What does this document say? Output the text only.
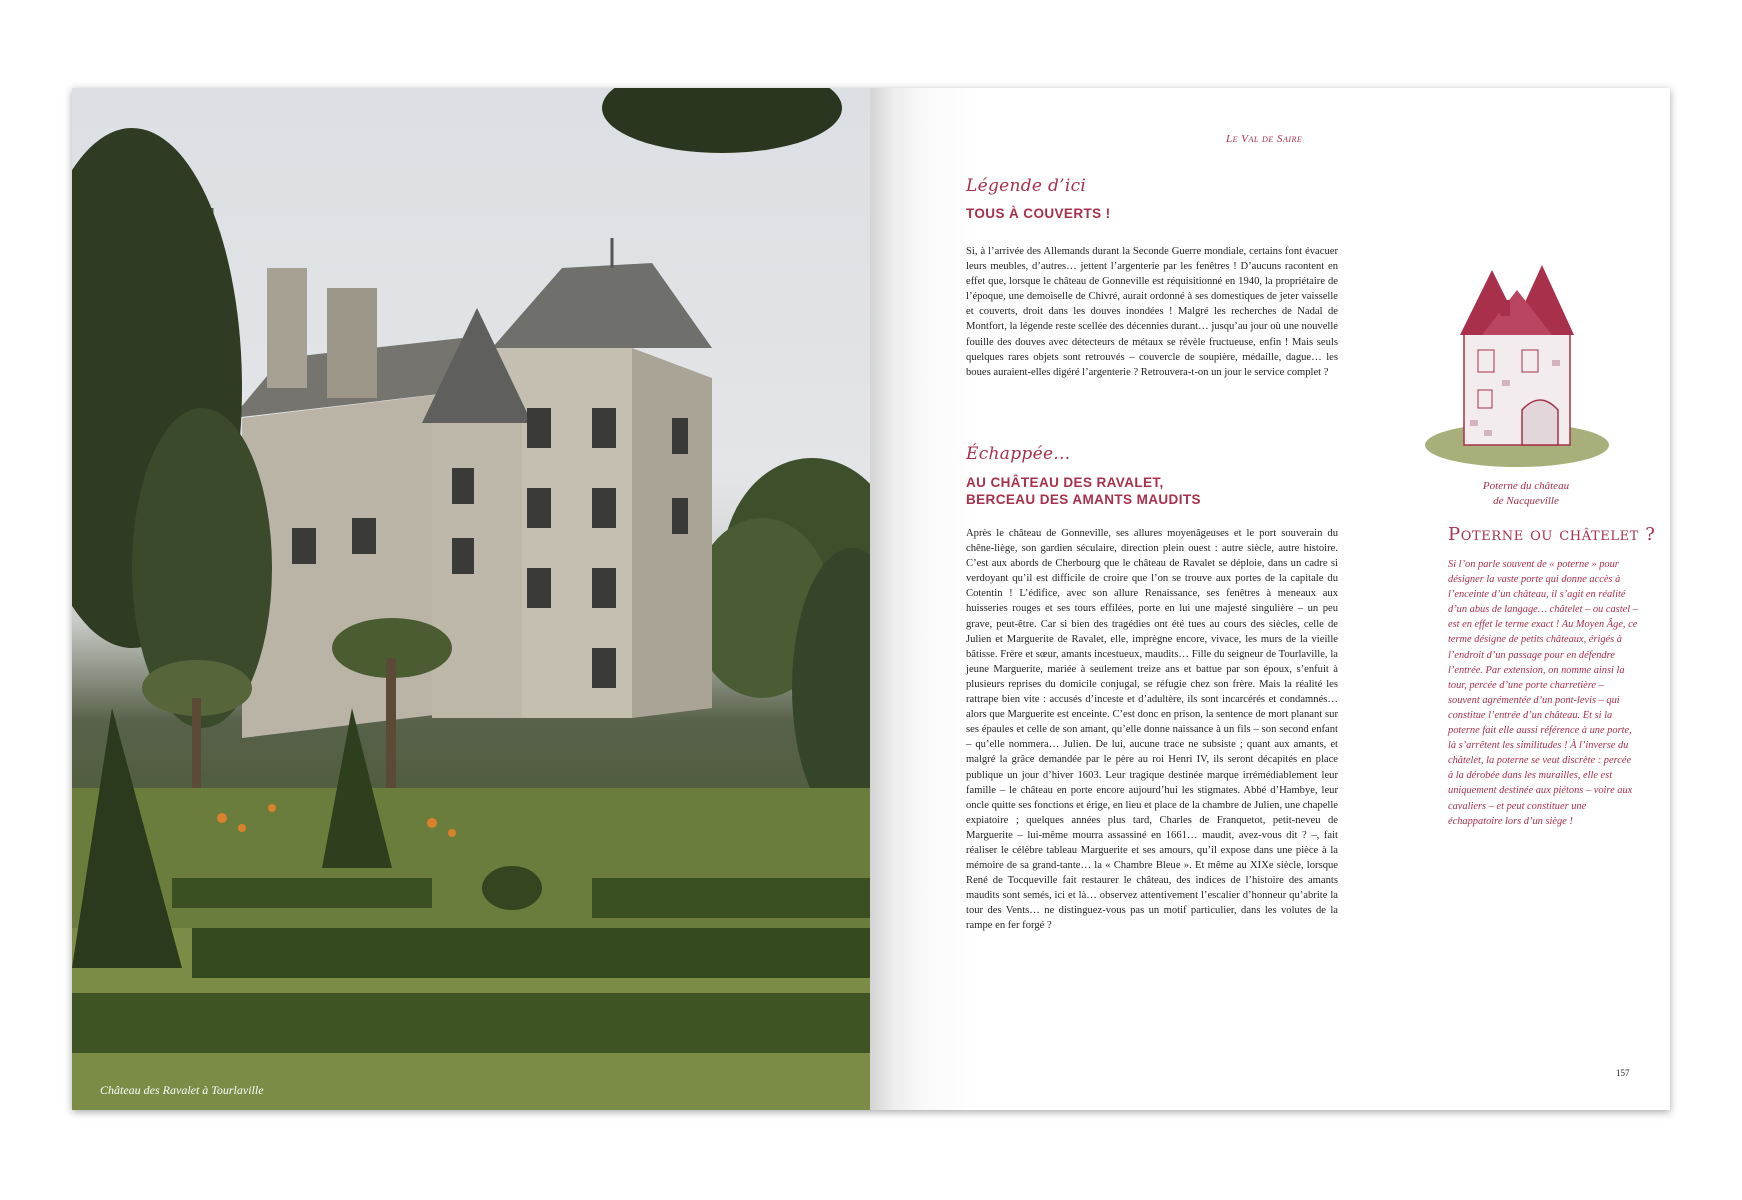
Château des Ravalet à Tourlaville
Le Val de Saire
Légende d’ici
TOUS À COUVERTS !
Si, à l’arrivée des Allemands durant la Seconde Guerre mondiale, certains font évacuer leurs meubles, d’autres… jettent l’argenterie par les fenêtres ! D’aucuns racontent en effet que, lorsque le château de Gonneville est réquisitionné en 1940, la propriétaire de l’époque, une demoiselle de Chivré, aurait ordonné à ses domestiques de jeter vaisselle et couverts, droit dans les douves inondées ! Malgré les recherches de Nadal de Montfort, la légende reste scellée des décennies durant… jusqu’au jour où une nouvelle fouille des douves avec détecteurs de métaux se révèle fructueuse, enfin ! Mais seuls quelques rares objets sont retrouvés – couvercle de soupière, médaille, dague… les boues auraient-elles digéré l’argenterie ? Retrouvera-t-on un jour le service complet ?
Échappée…
AU CHÂTEAU DES RAVALET,
BERCEAU DES AMANTS MAUDITS
Après le château de Gonneville, ses allures moyenâgeuses et le port souverain du chêne-liège, son gardien séculaire, direction plein ouest : autre siècle, autre histoire. C’est aux abords de Cherbourg que le château de Ravalet se déploie, dans un cadre si verdoyant qu’il est difficile de croire que l’on se trouve aux portes de la capitale du Cotentin ! L’édifice, avec son allure Renaissance, ses fenêtres à meneaux aux huisseries rouges et ses tours effilées, porte en lui une majesté singulière – un peu grave, peut-être. Car si bien des tragédies ont été tues au cours des siècles, celle de Julien et Marguerite de Ravalet, elle, imprègne encore, vivace, les murs de la vieille bâtisse. Frère et sœur, amants incestueux, maudits… Fille du seigneur de Tourlaville, la jeune Marguerite, mariée à seulement treize ans et battue par son époux, s’enfuit à plusieurs reprises du domicile conjugal, se réfugie chez son frère. Mais la réalité les rattrape bien vite : accusés d’inceste et d’adultère, ils sont incarcérés et condamnés… alors que Marguerite est enceinte. C’est donc en prison, la sentence de mort planant sur ses épaules et celle de son amant, qu’elle donne naissance à un fils – son second enfant – qu’elle nommera… Julien. De lui, aucune trace ne subsiste ; quant aux amants, et malgré la grâce demandée par le père au roi Henri IV, ils seront décapités en place publique un jour d’hiver 1603. Leur tragique destinée marque irrémédiablement leur famille – le château en porte encore aujourd’hui les stigmates. Abbé d’Hambye, leur oncle quitte ses fonctions et érige, en lieu et place de la chambre de Julien, une chapelle expiatoire ; quelques années plus tard, Charles de Franquetot, petit-neveu de Marguerite – lui-même mourra assassiné en 1661… maudit, avez-vous dit ? –, fait réaliser le célèbre tableau Marguerite et ses amours, qu’il expose dans une pièce à la mémoire de sa grand-tante… la « Chambre Bleue ». Et même au XIXe siècle, lorsque René de Tocqueville fait restaurer le château, des indices de l’histoire des amants maudits sont semés, ici et là… observez attentivement l’escalier d’honneur qu’abrite la tour des Vents… ne distinguez-vous pas un motif particulier, dans les volutes de la rampe en fer forgé ?
Poterne du château
de Nacqueville
Poterne ou châtelet ?
Si l’on parle souvent de « poterne » pour désigner la vaste porte qui donne accès à l’enceinte d’un château, il s’agit en réalité d’un abus de langage… châtelet – ou castel – est en effet le terme exact ! Au Moyen Âge, ce terme désigne de petits châteaux, érigés à l’endroit d’un passage pour en défendre l’entrée. Par extension, on nomme ainsi la tour, percée d’une porte charretière – souvent agrémentée d’un pont-levis – qui constitue l’entrée d’un château. Et si la poterne fait elle aussi référence à une porte, là s’arrêtent les similitudes ! À l’inverse du châtelet, la poterne se veut discrète : percée à la dérobée dans les murailles, elle est uniquement destinée aux piétons – voire aux cavaliers – et peut constituer une échappatoire lors d’un siège !
157
